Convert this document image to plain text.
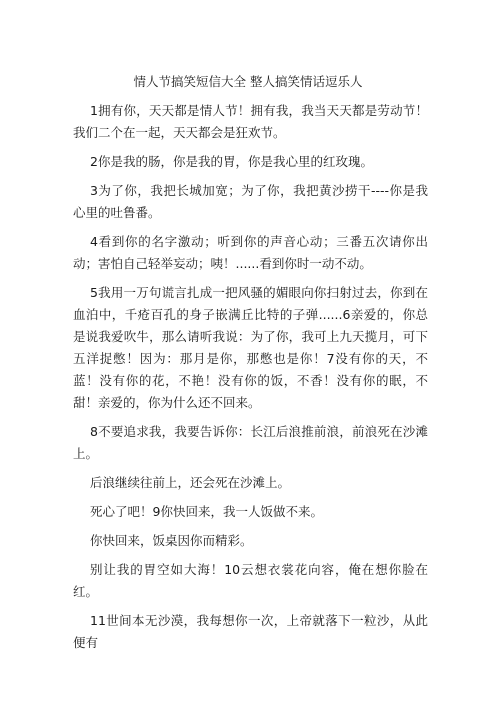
情人节搞笑短信大全 整人搞笑情话逗乐人

1拥有你，天天都是情人节！拥有我，我当天天都是劳动节！我们二个在一起，天天都会是狂欢节。

2你是我的肠，你是我的胃，你是我心里的红玫瑰。

3为了你，我把长城加宽；为了你，我把黄沙捞干----你是我心里的吐鲁番。

4看到你的名字激动；听到你的声音心动；三番五次请你出动；害怕自己轻举妄动；咦！......看到你时一动不动。

5我用一万句谎言扎成一把风骚的媚眼向你扫射过去，你到在血泊中，千疮百孔的身子嵌满丘比特的子弹......6亲爱的，你总是说我爱吹牛，那么请听我说：为了你，我可上九天揽月，可下五洋捉憋！因为：那月是你，那憋也是你！7没有你的天，不蓝！没有你的花，不艳！没有你的饭，不香！没有你的眠，不甜！亲爱的，你为什么还不回来。

8不要追求我，我要告诉你：长江后浪推前浪，前浪死在沙滩上。

后浪继续往前上，还会死在沙滩上。

死心了吧！9你快回来，我一人饭做不来。

你快回来，饭桌因你而精彩。

别让我的胃空如大海！10云想衣裳花向容，俺在想你脸在红。

11世间本无沙漠，我每想你一次，上帝就落下一粒沙，从此便有
